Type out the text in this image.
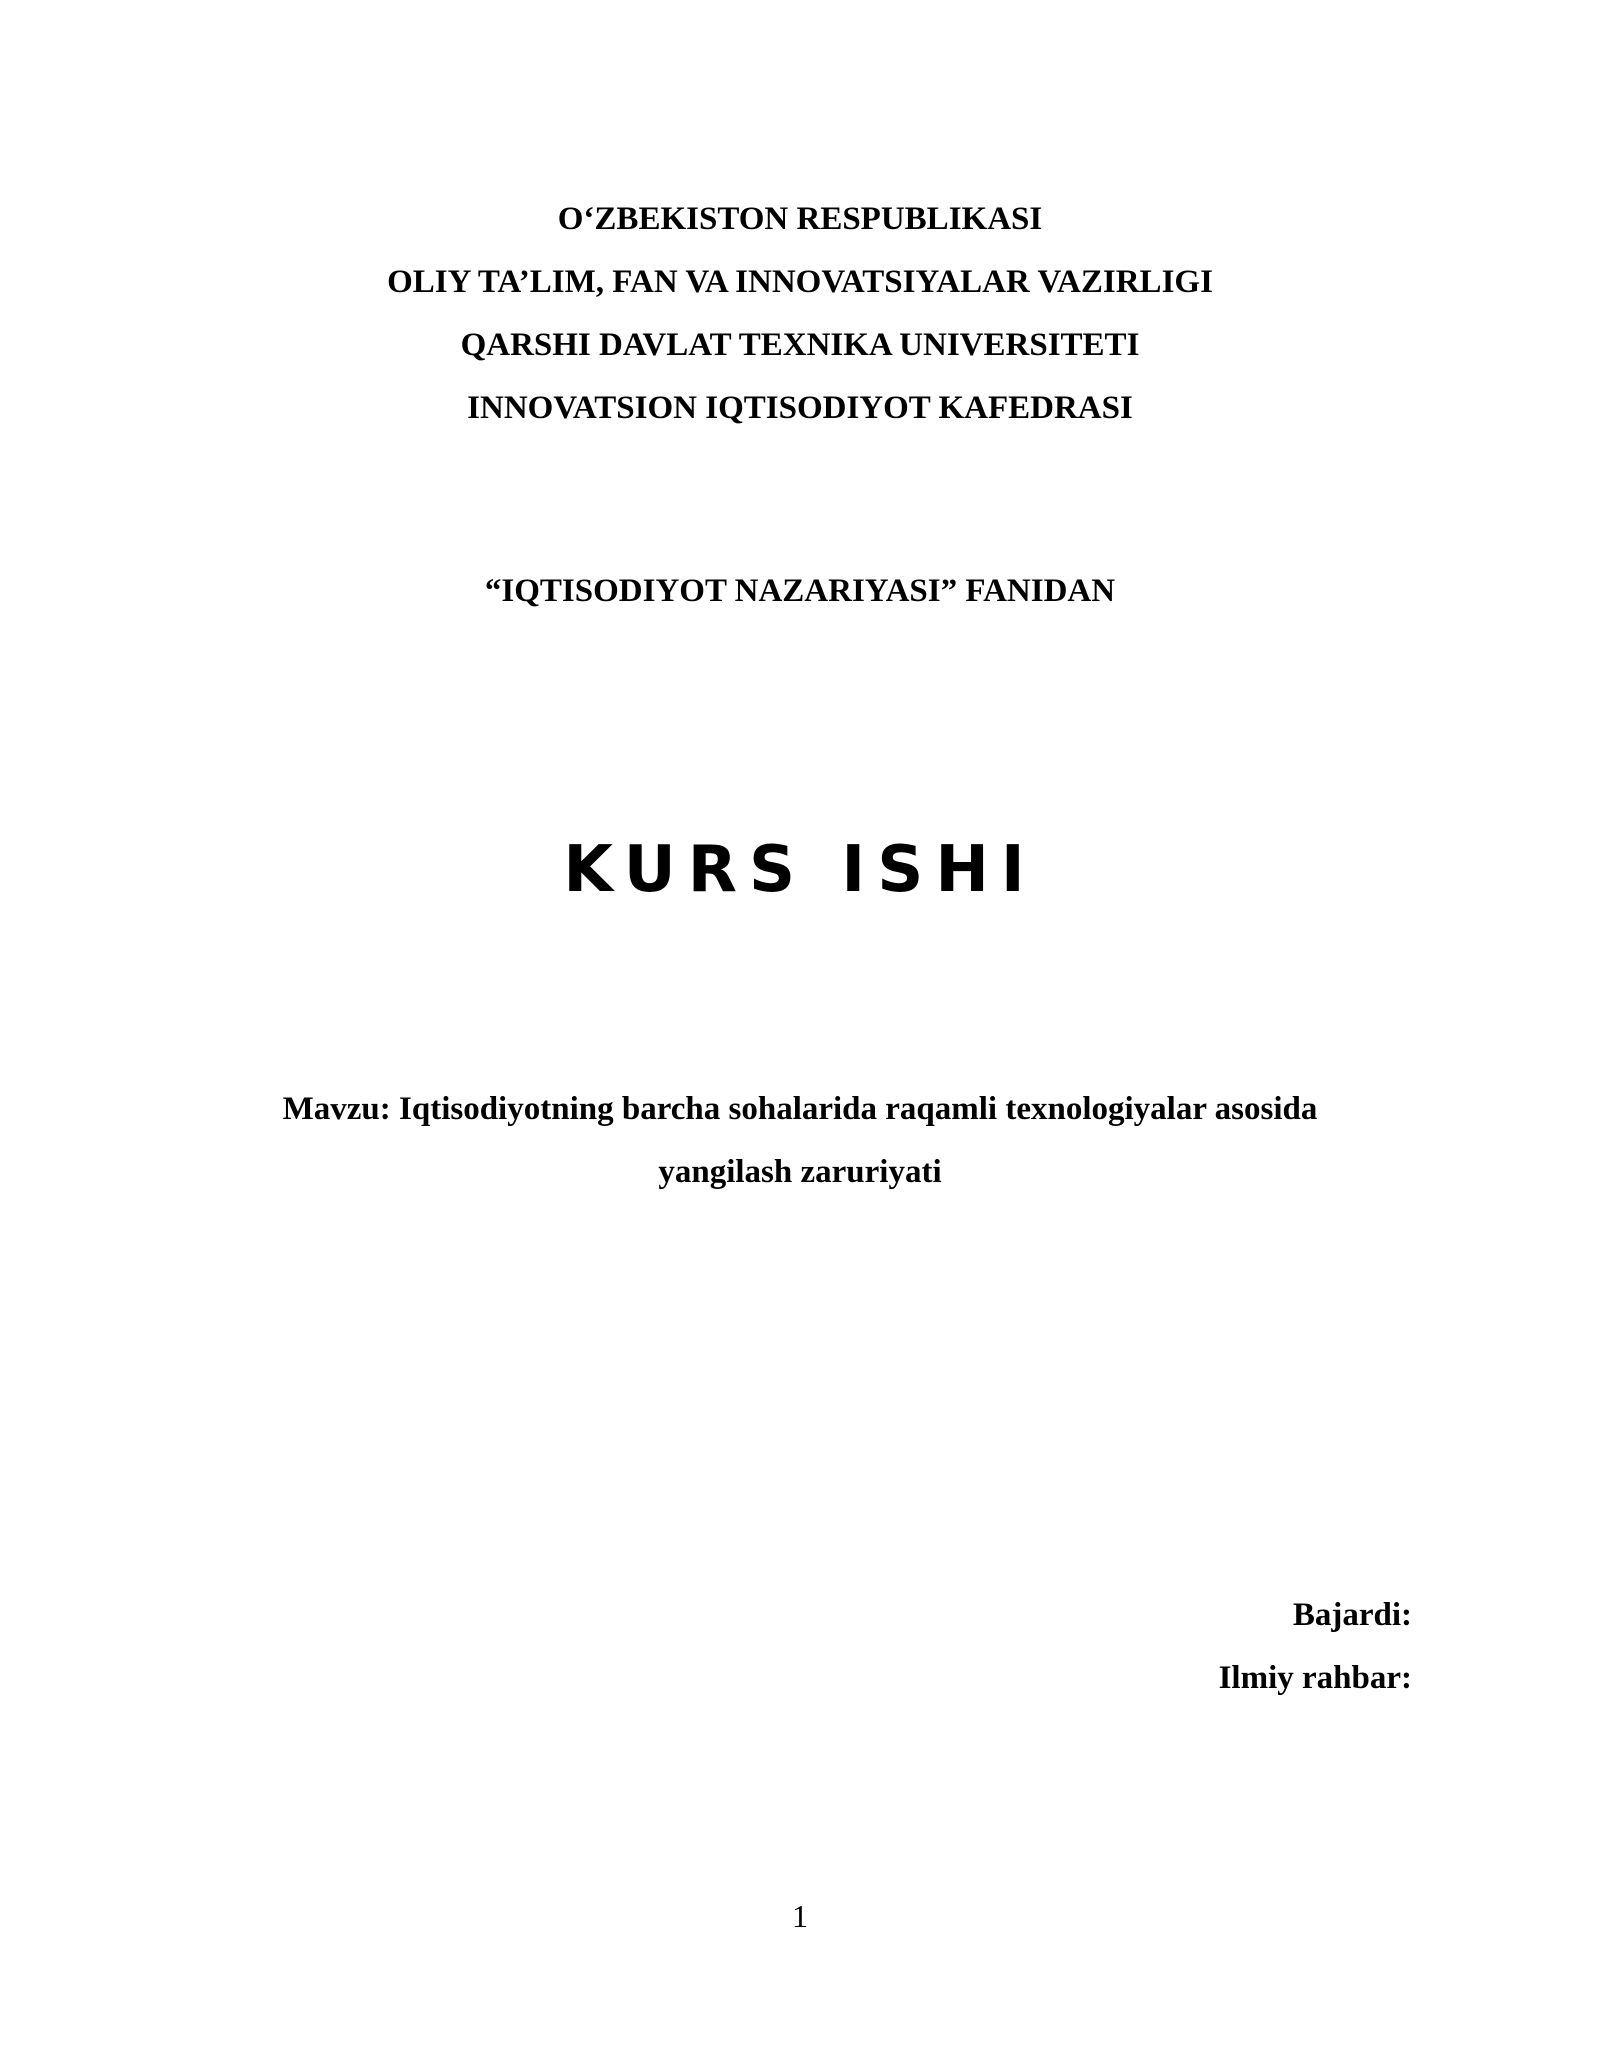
O‘ZBEKISTON RESPUBLIKASI
OLIY TA’LIM, FAN VA INNOVATSIYALAR VAZIRLIGI
QARSHI DAVLAT TEXNIKA UNIVERSITETI
INNOVATSION IQTISODIYOT KAFEDRASI
“IQTISODIYOT NAZARIYASI” FANIDAN
KURS ISHI
Mavzu: Iqtisodiyotning barcha sohalarida raqamli texnologiyalar asosida
yangilash zaruriyati
Bajardi:
Ilmiy rahbar:
1
